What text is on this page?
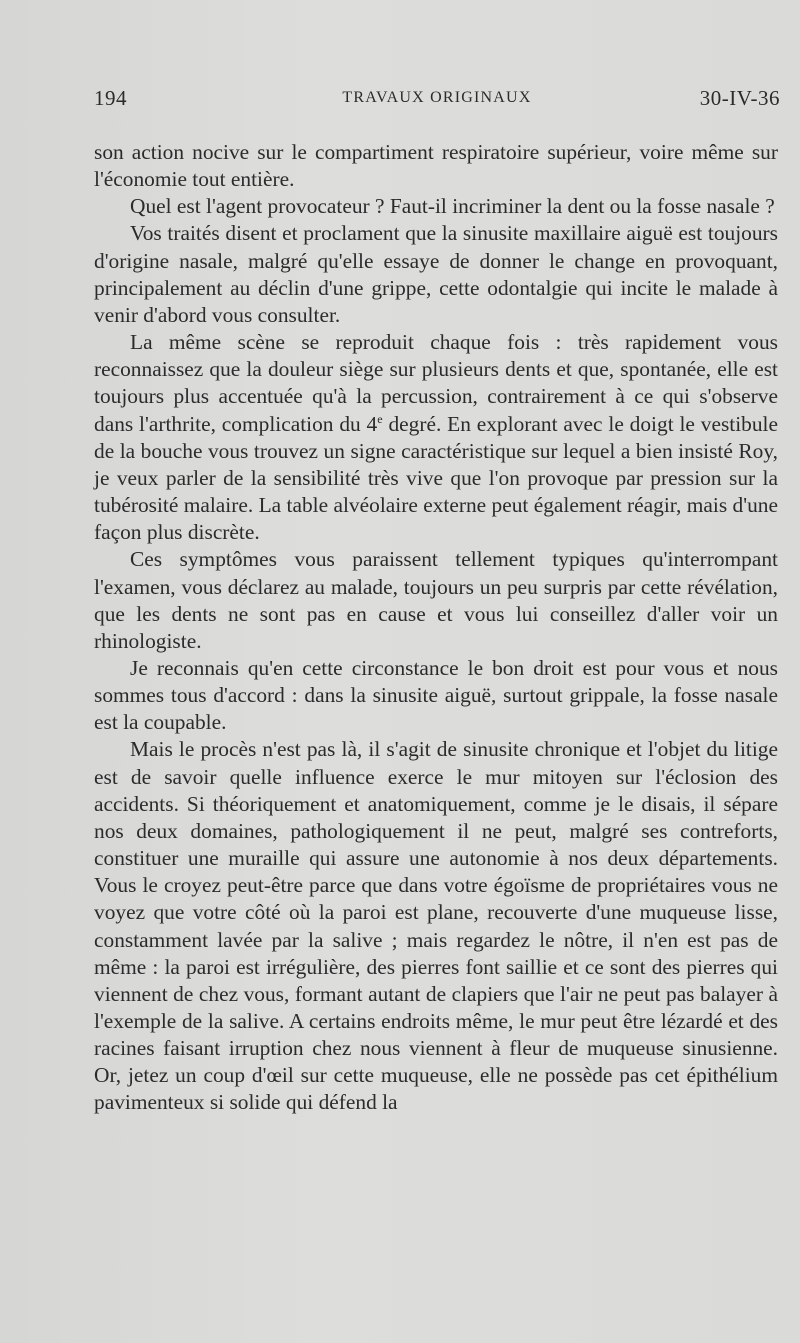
194	TRAVAUX ORIGINAUX	30-IV-36

son action nocive sur le compartiment respiratoire supérieur, voire même sur l'économie tout entière.

Quel est l'agent provocateur ? Faut-il incriminer la dent ou la fosse nasale ?

Vos traités disent et proclament que la sinusite maxillaire aiguë est toujours d'origine nasale, malgré qu'elle essaye de donner le change en provoquant, principalement au déclin d'une grippe, cette odontalgie qui incite le malade à venir d'abord vous consulter.

La même scène se reproduit chaque fois : très rapidement vous reconnaissez que la douleur siège sur plusieurs dents et que, spontanée, elle est toujours plus accentuée qu'à la percussion, contrairement à ce qui s'observe dans l'arthrite, complication du 4e degré. En explorant avec le doigt le vestibule de la bouche vous trouvez un signe caractéristique sur lequel a bien insisté Roy, je veux parler de la sensibilité très vive que l'on provoque par pression sur la tubérosité malaire. La table alvéolaire externe peut également réagir, mais d'une façon plus discrète.

Ces symptômes vous paraissent tellement typiques qu'interrompant l'examen, vous déclarez au malade, toujours un peu surpris par cette révélation, que les dents ne sont pas en cause et vous lui conseillez d'aller voir un rhinologiste.

Je reconnais qu'en cette circonstance le bon droit est pour vous et nous sommes tous d'accord : dans la sinusite aiguë, surtout grippale, la fosse nasale est la coupable.

Mais le procès n'est pas là, il s'agit de sinusite chronique et l'objet du litige est de savoir quelle influence exerce le mur mitoyen sur l'éclosion des accidents. Si théoriquement et anatomiquement, comme je le disais, il sépare nos deux domaines, pathologiquement il ne peut, malgré ses contreforts, constituer une muraille qui assure une autonomie à nos deux départements. Vous le croyez peut-être parce que dans votre égoïsme de propriétaires vous ne voyez que votre côté où la paroi est plane, recouverte d'une muqueuse lisse, constamment lavée par la salive ; mais regardez le nôtre, il n'en est pas de même : la paroi est irrégulière, des pierres font saillie et ce sont des pierres qui viennent de chez vous, formant autant de clapiers que l'air ne peut pas balayer à l'exemple de la salive. A certains endroits même, le mur peut être lézardé et des racines faisant irruption chez nous viennent à fleur de muqueuse sinusienne. Or, jetez un coup d'œil sur cette muqueuse, elle ne possède pas cet épithélium pavimenteux si solide qui défend la
